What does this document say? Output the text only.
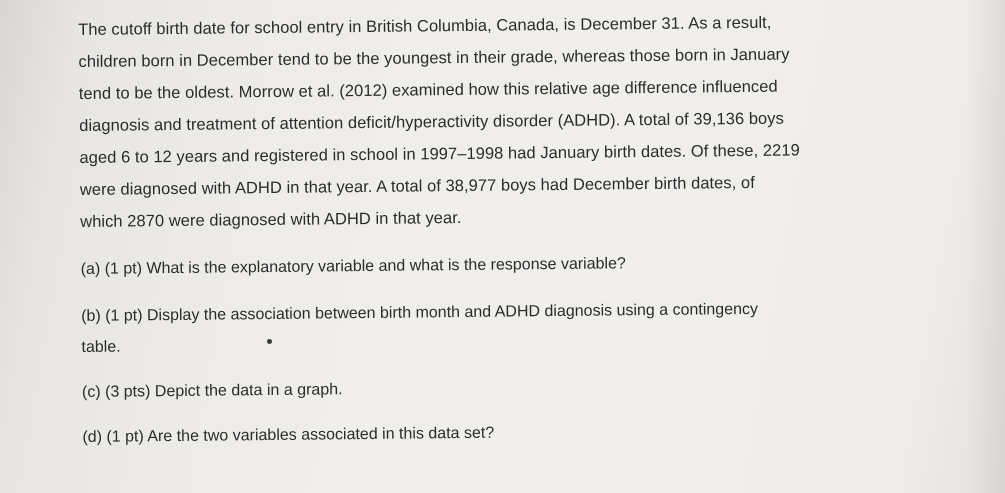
The cutoff birth date for school entry in British Columbia, Canada, is December 31. As a result,
children born in December tend to be the youngest in their grade, whereas those born in January
tend to be the oldest. Morrow et al. (2012) examined how this relative age difference influenced
diagnosis and treatment of attention deficit/hyperactivity disorder (ADHD). A total of 39,136 boys
aged 6 to 12 years and registered in school in 1997–1998 had January birth dates. Of these, 2219
were diagnosed with ADHD in that year. A total of 38,977 boys had December birth dates, of
which 2870 were diagnosed with ADHD in that year.

(a) (1 pt) What is the explanatory variable and what is the response variable?

(b) (1 pt) Display the association between birth month and ADHD diagnosis using a contingency

table.

(c) (3 pts) Depict the data in a graph.

(d) (1 pt) Are the two variables associated in this data set?
